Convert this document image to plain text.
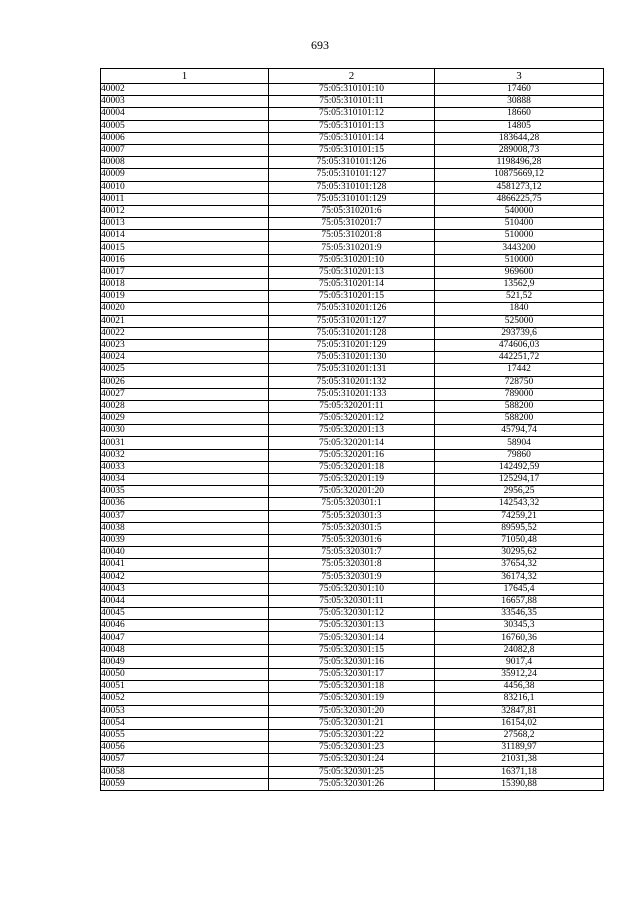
693
1	2	3
40002	75:05:310101:10	17460
40003	75:05:310101:11	30888
40004	75:05:310101:12	18660
40005	75:05:310101:13	14805
40006	75:05:310101:14	183644,28
40007	75:05:310101:15	289008,73
40008	75:05:310101:126	1198496,28
40009	75:05:310101:127	10875669,12
40010	75:05:310101:128	4581273,12
40011	75:05:310101:129	4866225,75
40012	75:05:310201:6	540000
40013	75:05:310201:7	510400
40014	75:05:310201:8	510000
40015	75:05:310201:9	3443200
40016	75:05:310201:10	510000
40017	75:05:310201:13	969600
40018	75:05:310201:14	13562,9
40019	75:05:310201:15	521,52
40020	75:05:310201:126	1840
40021	75:05:310201:127	525000
40022	75:05:310201:128	293739,6
40023	75:05:310201:129	474606,03
40024	75:05:310201:130	442251,72
40025	75:05:310201:131	17442
40026	75:05:310201:132	728750
40027	75:05:310201:133	789000
40028	75:05:320201:11	588200
40029	75:05:320201:12	588200
40030	75:05:320201:13	45794,74
40031	75:05:320201:14	58904
40032	75:05:320201:16	79860
40033	75:05:320201:18	142492,59
40034	75:05:320201:19	125294,17
40035	75:05:320201:20	2956,25
40036	75:05:320301:1	142543,32
40037	75:05:320301:3	74259,21
40038	75:05:320301:5	89595,52
40039	75:05:320301:6	71050,48
40040	75:05:320301:7	30295,62
40041	75:05:320301:8	37654,32
40042	75:05:320301:9	36174,32
40043	75:05:320301:10	17645,4
40044	75:05:320301:11	16657,88
40045	75:05:320301:12	33546,35
40046	75:05:320301:13	30345,3
40047	75:05:320301:14	16760,36
40048	75:05:320301:15	24082,8
40049	75:05:320301:16	9017,4
40050	75:05:320301:17	35912,24
40051	75:05:320301:18	4456,38
40052	75:05:320301:19	83216,1
40053	75:05:320301:20	32847,81
40054	75:05:320301:21	16154,02
40055	75:05:320301:22	27568,2
40056	75:05:320301:23	31189,97
40057	75:05:320301:24	21031,38
40058	75:05:320301:25	16371,18
40059	75:05:320301:26	15390,88
